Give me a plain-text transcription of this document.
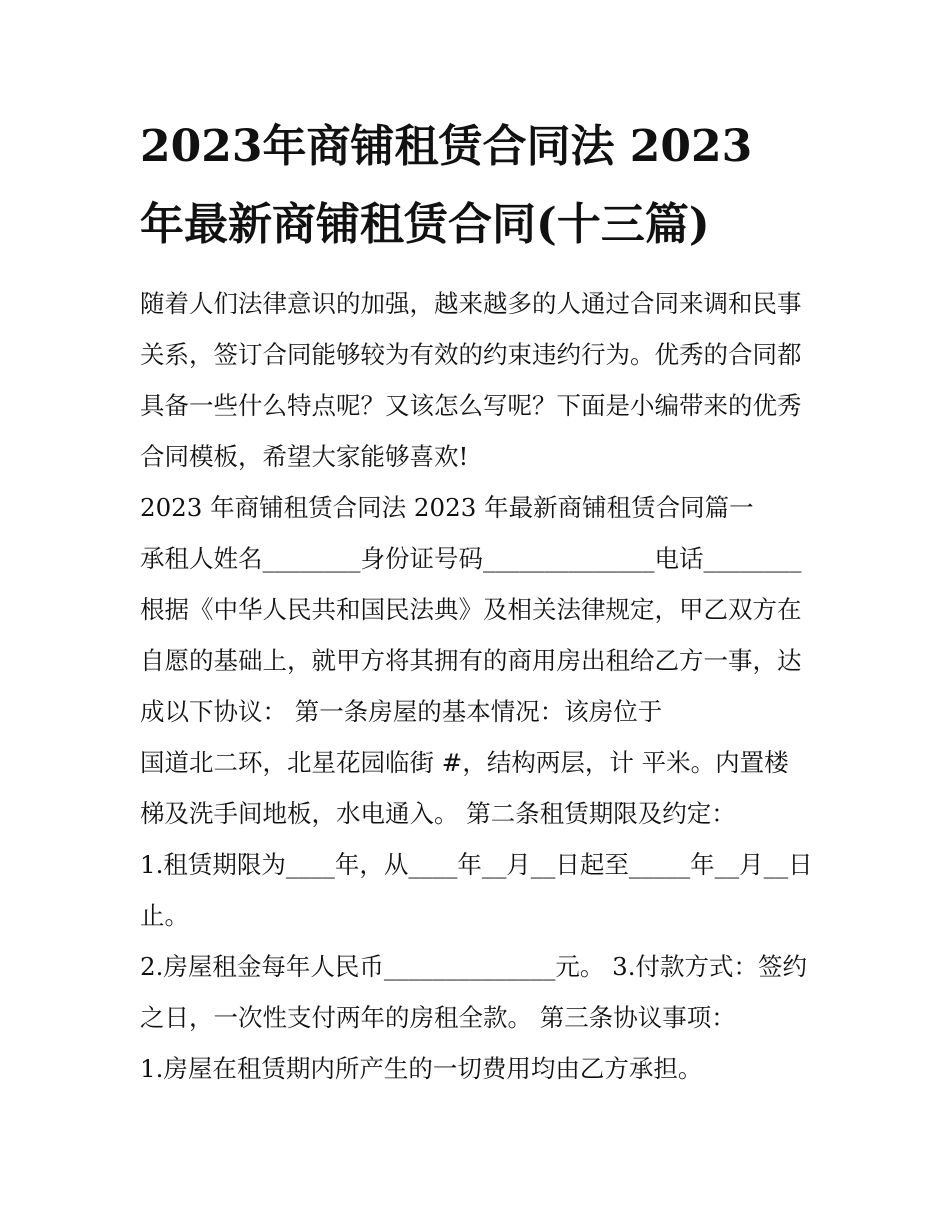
2023年商铺租赁合同法 2023
年最新商铺租赁合同(十三篇)
随着人们法律意识的加强，越来越多的人通过合同来调和民事
关系，签订合同能够较为有效的约束违约行为。优秀的合同都
具备一些什么特点呢？又该怎么写呢？下面是小编带来的优秀
合同模板，希望大家能够喜欢!
2023 年商铺租赁合同法 2023 年最新商铺租赁合同篇一
承租人姓名________身份证号码______________电话________
根据《中华人民共和国民法典》及相关法律规定，甲乙双方在
自愿的基础上，就甲方将其拥有的商用房出租给乙方一事，达
成以下协议： 第一条房屋的基本情况：该房位于
国道北二环，北星花园临街 #，结构两层，计 平米。内置楼
梯及洗手间地板，水电通入。 第二条租赁期限及约定：
1.租赁期限为____年，从____年__月__日起至_____年__月__日
止。
2.房屋租金每年人民币______________元。 3.付款方式：签约
之日，一次性支付两年的房租全款。 第三条协议事项：
1.房屋在租赁期内所产生的一切费用均由乙方承担。
